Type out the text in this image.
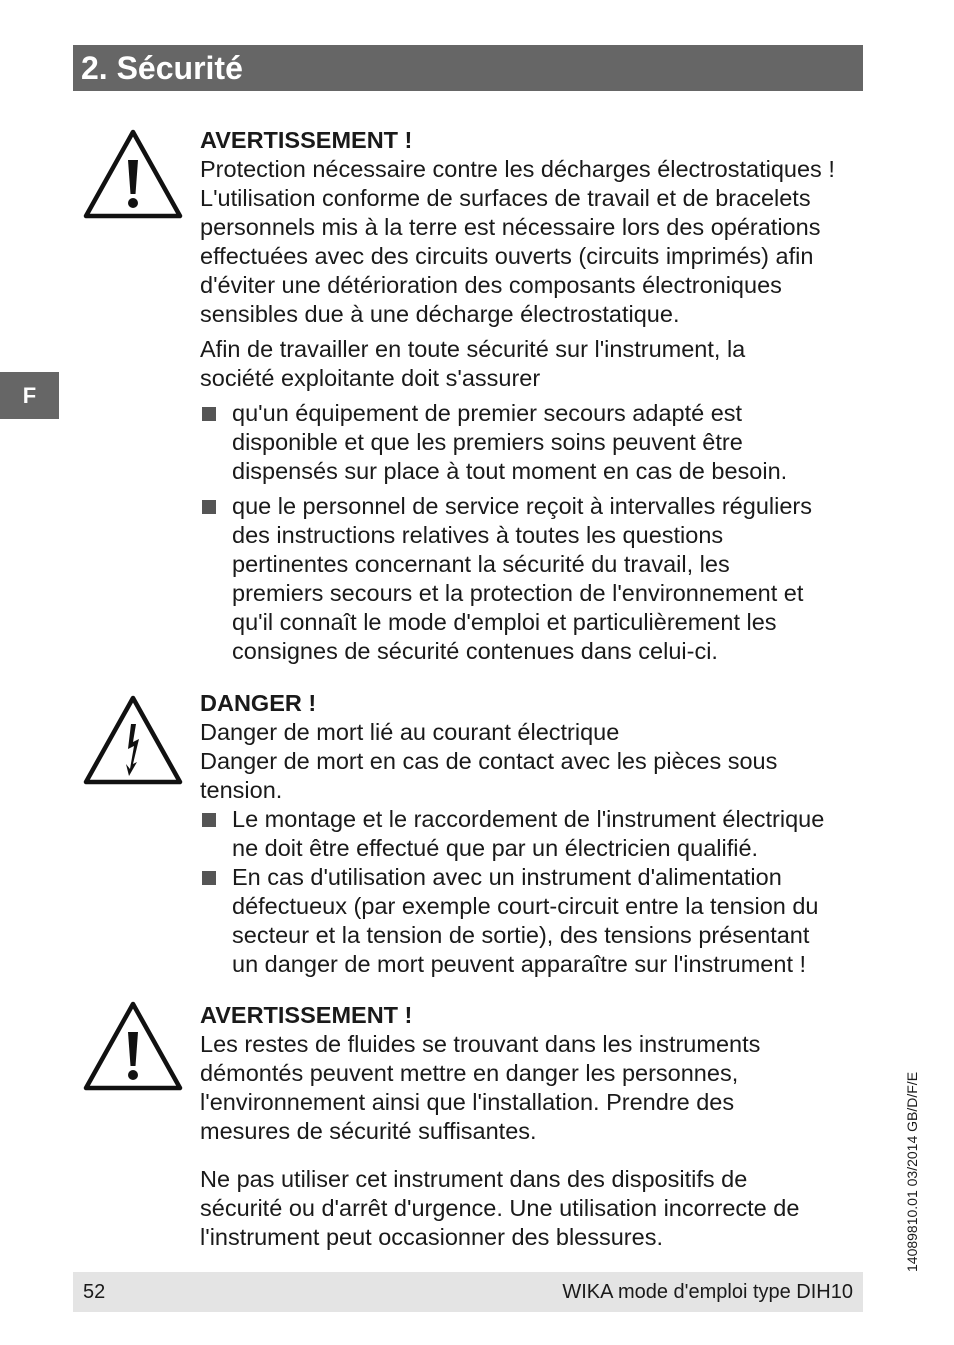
2. Sécurité
F

AVERTISSEMENT !

Protection nécessaire contre les décharges électrostatiques !

L'utilisation conforme de surfaces de travail et de bracelets

personnels mis à la terre est nécessaire lors des opérations

effectuées avec des circuits ouverts (circuits imprimés) afin

d'éviter une détérioration des composants électroniques

sensibles due à une décharge électrostatique.

Afin de travailler en toute sécurité sur l'instrument, la

société exploitante doit s'assurer

qu'un équipement de premier secours adapté est

disponible et que les premiers soins peuvent être

dispensés sur place à tout moment en cas de besoin.

que le personnel de service reçoit à intervalles réguliers

des instructions relatives à toutes les questions

pertinentes concernant la sécurité du travail, les

premiers secours et la protection de l'environnement et

qu'il connaît le mode d'emploi et particulièrement les

consignes de sécurité contenues dans celui-ci.

DANGER !

Danger de mort lié au courant électrique

Danger de mort en cas de contact avec les pièces sous

tension.

Le montage et le raccordement de l'instrument électrique

ne doit être effectué que par un électricien qualifié.

En cas d'utilisation avec un instrument d'alimentation

défectueux (par exemple court-circuit entre la tension du

secteur et la tension de sortie), des tensions présentant

un danger de mort peuvent apparaître sur l'instrument !

AVERTISSEMENT !

Les restes de fluides se trouvant dans les instruments

démontés peuvent mettre en danger les personnes,

l'environnement ainsi que l'installation. Prendre des

mesures de sécurité suffisantes.

Ne pas utiliser cet instrument dans des dispositifs de

sécurité ou d'arrêt d'urgence. Une utilisation incorrecte de

l'instrument peut occasionner des blessures.

52	WIKA mode d'emploi type DIH10
14089810.01 03/2014 GB/D/F/E
